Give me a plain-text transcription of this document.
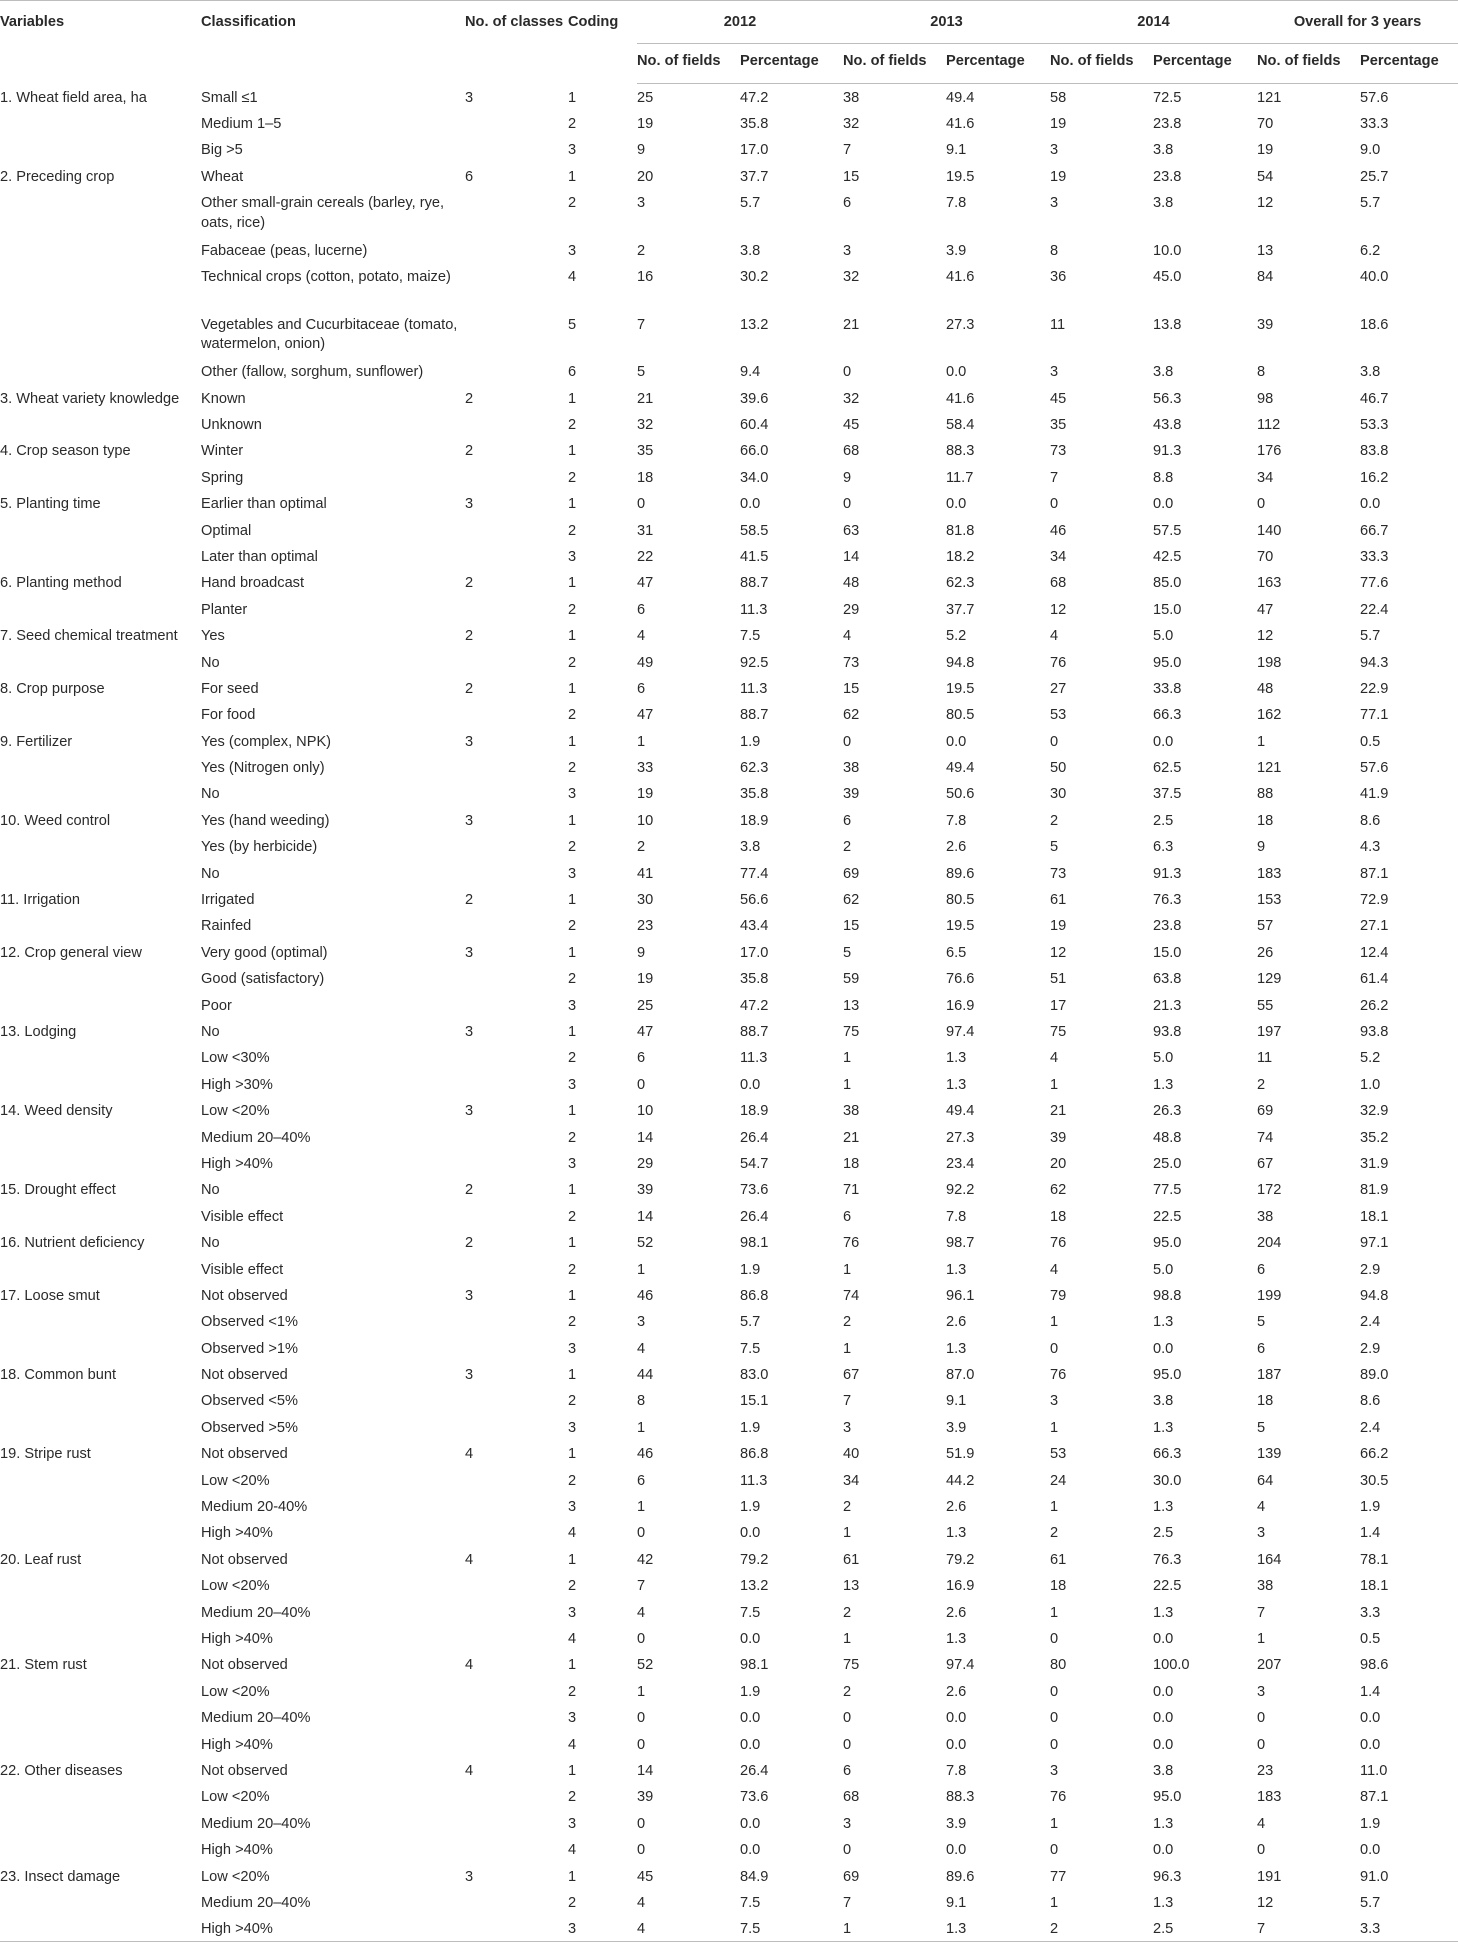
Variables	Classification	No. of classes	Coding	2012		2013		2014		Overall for 3 years	
				No. of fields	Percentage	No. of fields	Percentage	No. of fields	Percentage	No. of fields	Percentage
1. Wheat field area, ha	Small ≤1	3	1	25	47.2	38	49.4	58	72.5	121	57.6
	Medium 1–5		2	19	35.8	32	41.6	19	23.8	70	33.3
	Big >5		3	9	17.0	7	9.1	3	3.8	19	9.0
2. Preceding crop	Wheat	6	1	20	37.7	15	19.5	19	23.8	54	25.7
	Other small-grain cereals (barley, rye, oats, rice)		2	3	5.7	6	7.8	3	3.8	12	5.7
	Fabaceae (peas, lucerne)		3	2	3.8	3	3.9	8	10.0	13	6.2
	Technical crops (cotton, potato, maize)		4	16	30.2	32	41.6	36	45.0	84	40.0
	Vegetables and Cucurbitaceae (tomato, watermelon, onion)		5	7	13.2	21	27.3	11	13.8	39	18.6
	Other (fallow, sorghum, sunflower)		6	5	9.4	0	0.0	3	3.8	8	3.8
3. Wheat variety knowledge	Known	2	1	21	39.6	32	41.6	45	56.3	98	46.7
	Unknown		2	32	60.4	45	58.4	35	43.8	112	53.3
4. Crop season type	Winter	2	1	35	66.0	68	88.3	73	91.3	176	83.8
	Spring		2	18	34.0	9	11.7	7	8.8	34	16.2
5. Planting time	Earlier than optimal	3	1	0	0.0	0	0.0	0	0.0	0	0.0
	Optimal		2	31	58.5	63	81.8	46	57.5	140	66.7
	Later than optimal		3	22	41.5	14	18.2	34	42.5	70	33.3
6. Planting method	Hand broadcast	2	1	47	88.7	48	62.3	68	85.0	163	77.6
	Planter		2	6	11.3	29	37.7	12	15.0	47	22.4
7. Seed chemical treatment	Yes	2	1	4	7.5	4	5.2	4	5.0	12	5.7
	No		2	49	92.5	73	94.8	76	95.0	198	94.3
8. Crop purpose	For seed	2	1	6	11.3	15	19.5	27	33.8	48	22.9
	For food		2	47	88.7	62	80.5	53	66.3	162	77.1
9. Fertilizer	Yes (complex, NPK)	3	1	1	1.9	0	0.0	0	0.0	1	0.5
	Yes (Nitrogen only)		2	33	62.3	38	49.4	50	62.5	121	57.6
	No		3	19	35.8	39	50.6	30	37.5	88	41.9
10. Weed control	Yes (hand weeding)	3	1	10	18.9	6	7.8	2	2.5	18	8.6
	Yes (by herbicide)		2	2	3.8	2	2.6	5	6.3	9	4.3
	No		3	41	77.4	69	89.6	73	91.3	183	87.1
11. Irrigation	Irrigated	2	1	30	56.6	62	80.5	61	76.3	153	72.9
	Rainfed		2	23	43.4	15	19.5	19	23.8	57	27.1
12. Crop general view	Very good (optimal)	3	1	9	17.0	5	6.5	12	15.0	26	12.4
	Good (satisfactory)		2	19	35.8	59	76.6	51	63.8	129	61.4
	Poor		3	25	47.2	13	16.9	17	21.3	55	26.2
13. Lodging	No	3	1	47	88.7	75	97.4	75	93.8	197	93.8
	Low <30%		2	6	11.3	1	1.3	4	5.0	11	5.2
	High >30%		3	0	0.0	1	1.3	1	1.3	2	1.0
14. Weed density	Low <20%	3	1	10	18.9	38	49.4	21	26.3	69	32.9
	Medium 20–40%		2	14	26.4	21	27.3	39	48.8	74	35.2
	High >40%		3	29	54.7	18	23.4	20	25.0	67	31.9
15. Drought effect	No	2	1	39	73.6	71	92.2	62	77.5	172	81.9
	Visible effect		2	14	26.4	6	7.8	18	22.5	38	18.1
16. Nutrient deficiency	No	2	1	52	98.1	76	98.7	76	95.0	204	97.1
	Visible effect		2	1	1.9	1	1.3	4	5.0	6	2.9
17. Loose smut	Not observed	3	1	46	86.8	74	96.1	79	98.8	199	94.8
	Observed <1%		2	3	5.7	2	2.6	1	1.3	5	2.4
	Observed >1%		3	4	7.5	1	1.3	0	0.0	6	2.9
18. Common bunt	Not observed	3	1	44	83.0	67	87.0	76	95.0	187	89.0
	Observed <5%		2	8	15.1	7	9.1	3	3.8	18	8.6
	Observed >5%		3	1	1.9	3	3.9	1	1.3	5	2.4
19. Stripe rust	Not observed	4	1	46	86.8	40	51.9	53	66.3	139	66.2
	Low <20%		2	6	11.3	34	44.2	24	30.0	64	30.5
	Medium 20-40%		3	1	1.9	2	2.6	1	1.3	4	1.9
	High >40%		4	0	0.0	1	1.3	2	2.5	3	1.4
20. Leaf rust	Not observed	4	1	42	79.2	61	79.2	61	76.3	164	78.1
	Low <20%		2	7	13.2	13	16.9	18	22.5	38	18.1
	Medium 20–40%		3	4	7.5	2	2.6	1	1.3	7	3.3
	High >40%		4	0	0.0	1	1.3	0	0.0	1	0.5
21. Stem rust	Not observed	4	1	52	98.1	75	97.4	80	100.0	207	98.6
	Low <20%		2	1	1.9	2	2.6	0	0.0	3	1.4
	Medium 20–40%		3	0	0.0	0	0.0	0	0.0	0	0.0
	High >40%		4	0	0.0	0	0.0	0	0.0	0	0.0
22. Other diseases	Not observed	4	1	14	26.4	6	7.8	3	3.8	23	11.0
	Low <20%		2	39	73.6	68	88.3	76	95.0	183	87.1
	Medium 20–40%		3	0	0.0	3	3.9	1	1.3	4	1.9
	High >40%		4	0	0.0	0	0.0	0	0.0	0	0.0
23. Insect damage	Low <20%	3	1	45	84.9	69	89.6	77	96.3	191	91.0
	Medium 20–40%		2	4	7.5	7	9.1	1	1.3	12	5.7
	High >40%		3	4	7.5	1	1.3	2	2.5	7	3.3
